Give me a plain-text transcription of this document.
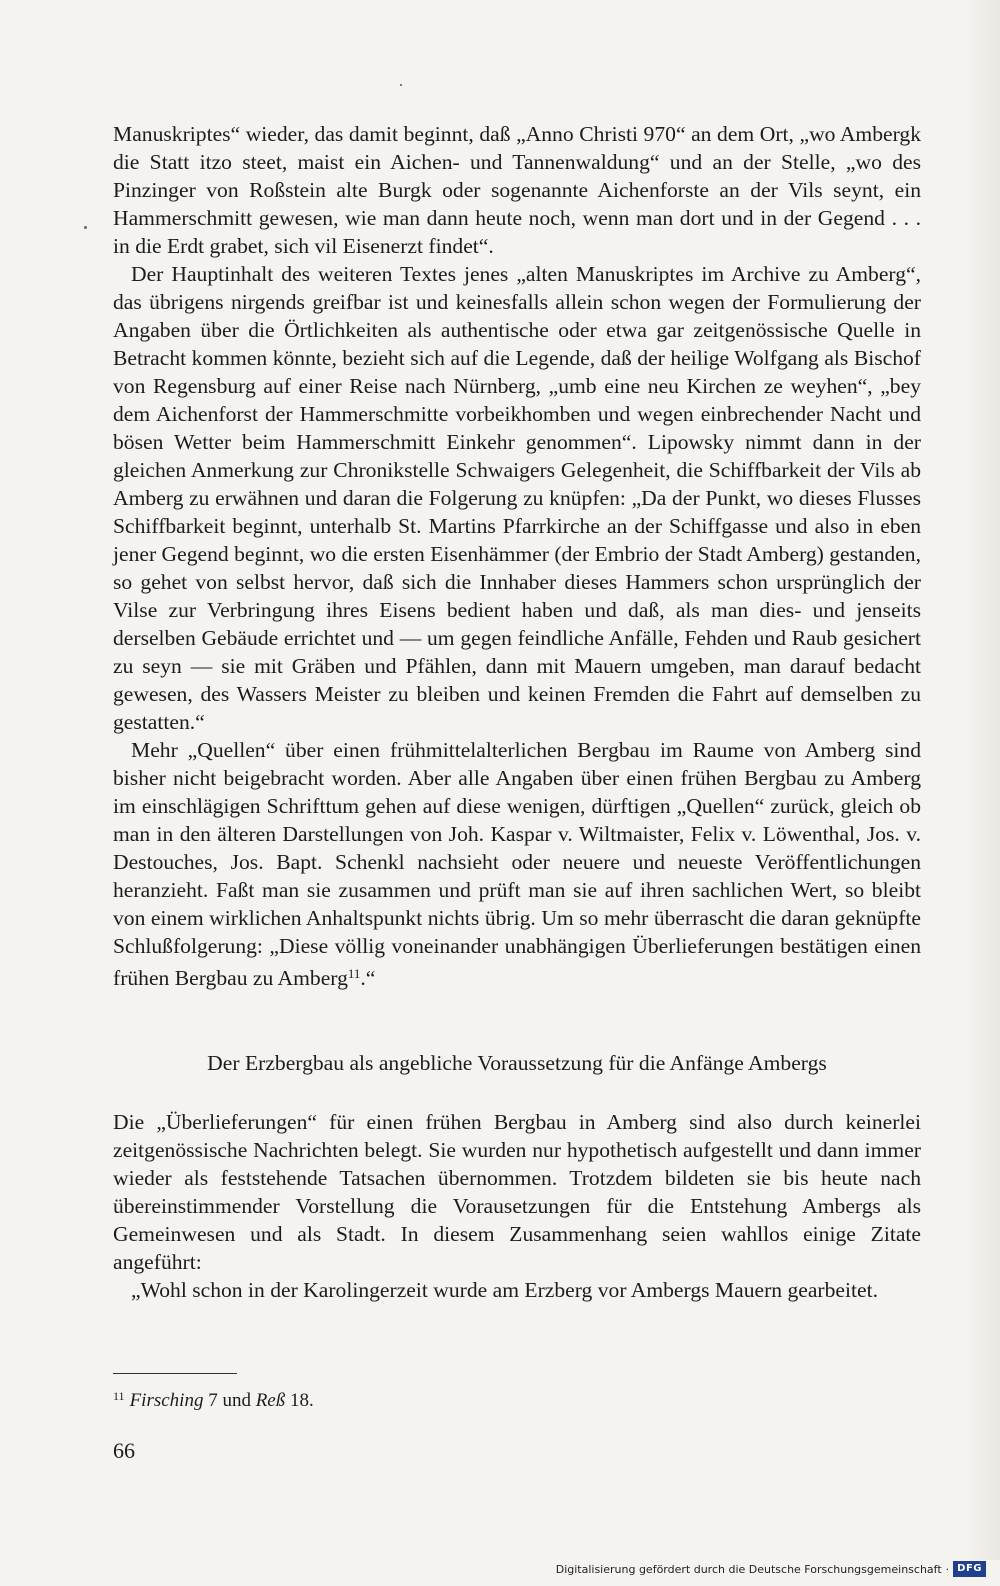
Manuskriptes“ wieder, das damit beginnt, daß „Anno Christi 970“ an dem Ort, „wo Ambergk die Statt itzo steet, maist ein Aichen- und Tannenwaldung“ und an der Stelle, „wo des Pinzinger von Roßstein alte Burgk oder sogenannte Aichenforste an der Vils seynt, ein Hammerschmitt gewesen, wie man dann heute noch, wenn man dort und in der Gegend . . . in die Erdt grabet, sich vil Eisenerzt findet“.

Der Hauptinhalt des weiteren Textes jenes „alten Manuskriptes im Archive zu Amberg“, das übrigens nirgends greifbar ist und keinesfalls allein schon wegen der Formulierung der Angaben über die Örtlichkeiten als authentische oder etwa gar zeitgenössische Quelle in Betracht kommen könnte, bezieht sich auf die Legende, daß der heilige Wolfgang als Bischof von Regensburg auf einer Reise nach Nürnberg, „umb eine neu Kirchen ze weyhen“, „bey dem Aichenforst der Hammerschmitte vorbeikhomben und wegen einbrechender Nacht und bösen Wetter beim Hammerschmitt Einkehr genommen“. Lipowsky nimmt dann in der gleichen Anmerkung zur Chronikstelle Schwaigers Gelegenheit, die Schiffbarkeit der Vils ab Amberg zu erwähnen und daran die Folgerung zu knüpfen: „Da der Punkt, wo dieses Flusses Schiffbarkeit beginnt, unterhalb St. Martins Pfarrkirche an der Schiffgasse und also in eben jener Gegend beginnt, wo die ersten Eisenhämmer (der Embrio der Stadt Amberg) gestanden, so gehet von selbst hervor, daß sich die Innhaber dieses Hammers schon ursprünglich der Vilse zur Verbringung ihres Eisens bedient haben und daß, als man dies- und jenseits derselben Gebäude errichtet und — um gegen feindliche Anfälle, Fehden und Raub gesichert zu seyn — sie mit Gräben und Pfählen, dann mit Mauern umgeben, man darauf bedacht gewesen, des Wassers Meister zu bleiben und keinen Fremden die Fahrt auf demselben zu gestatten.“

Mehr „Quellen“ über einen frühmittelalterlichen Bergbau im Raume von Amberg sind bisher nicht beigebracht worden. Aber alle Angaben über einen frühen Bergbau zu Amberg im einschlägigen Schrifttum gehen auf diese wenigen, dürftigen „Quellen“ zurück, gleich ob man in den älteren Darstellungen von Joh. Kaspar v. Wiltmaister, Felix v. Löwenthal, Jos. v. Destouches, Jos. Bapt. Schenkl nachsieht oder neuere und neueste Veröffentlichungen heranzieht. Faßt man sie zusammen und prüft man sie auf ihren sachlichen Wert, so bleibt von einem wirklichen Anhaltspunkt nichts übrig. Um so mehr überrascht die daran geknüpfte Schlußfolgerung: „Diese völlig voneinander unabhängigen Überlieferungen bestätigen einen frühen Bergbau zu Amberg$^{11}$.“

Der Erzbergbau als angebliche Voraussetzung für die Anfänge Ambergs

Die „Überlieferungen“ für einen frühen Bergbau in Amberg sind also durch keinerlei zeitgenössische Nachrichten belegt. Sie wurden nur hypothetisch aufgestellt und dann immer wieder als feststehende Tatsachen übernommen. Trotzdem bildeten sie bis heute nach übereinstimmender Vorstellung die Vorausetzungen für die Entstehung Ambergs als Gemeinwesen und als Stadt. In diesem Zusammenhang seien wahllos einige Zitate angeführt:

„Wohl schon in der Karolingerzeit wurde am Erzberg vor Ambergs Mauern gearbeitet.

$^{11}$ Firsching 7 und Reß 18.
66
Digitalisierung gefördert durch die Deutsche Forschungsgemeinschaft · DFG
